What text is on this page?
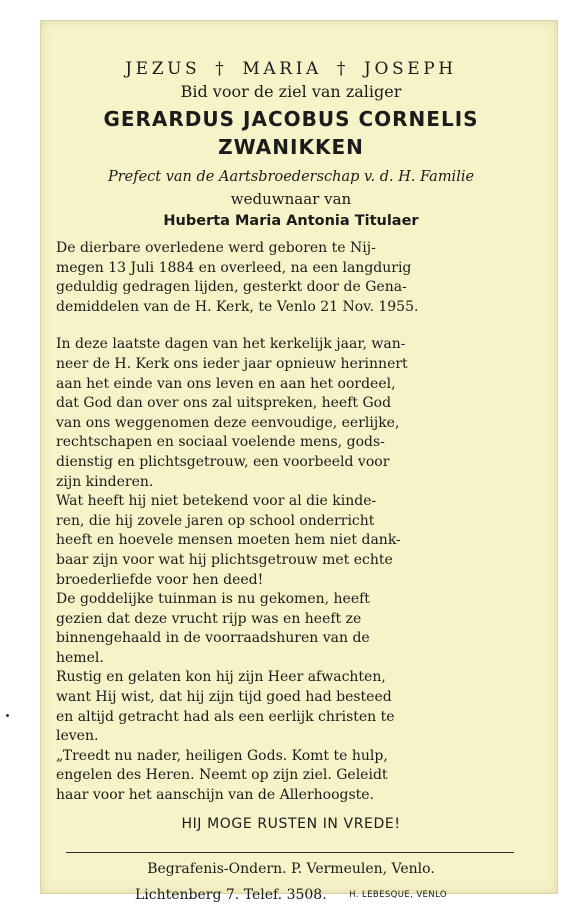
JEZUS † MARIA † JOSEPH
Bid voor de ziel van zaliger
GERARDUS JACOBUS CORNELIS
ZWANIKKEN
Prefect van de Aartsbroederschap v. d. H. Familie
weduwnaar van
Huberta Maria Antonia Titulaer
De dierbare overledene werd geboren te Nij-
megen 13 Juli 1884 en overleed, na een langdurig
geduldig gedragen lijden, gesterkt door de Gena-
demiddelen van de H. Kerk, te Venlo 21 Nov. 1955.
In deze laatste dagen van het kerkelijk jaar, wan-
neer de H. Kerk ons ieder jaar opnieuw herinnert
aan het einde van ons leven en aan het oordeel,
dat God dan over ons zal uitspreken, heeft God
van ons weggenomen deze eenvoudige, eerlijke,
rechtschapen en sociaal voelende mens, gods-
dienstig en plichtsgetrouw, een voorbeeld voor
zijn kinderen.
Wat heeft hij niet betekend voor al die kinde-
ren, die hij zovele jaren op school onderricht
heeft en hoevele mensen moeten hem niet dank-
baar zijn voor wat hij plichtsgetrouw met echte
broederliefde voor hen deed!
De goddelijke tuinman is nu gekomen, heeft
gezien dat deze vrucht rijp was en heeft ze
binnengehaald in de voorraadshuren van de
hemel.
Rustig en gelaten kon hij zijn Heer afwachten,
want Hij wist, dat hij zijn tijd goed had besteed
en altijd getracht had als een eerlijk christen te
leven.
„Treedt nu nader, heiligen Gods. Komt te hulp,
engelen des Heren. Neemt op zijn ziel. Geleidt
haar voor het aanschijn van de Allerhoogste.
HIJ MOGE RUSTEN IN VREDE!
Begrafenis-Ondern. P. Vermeulen, Venlo.
Lichtenberg 7. Telef. 3508.	H. LEBESQUE, VENLO
